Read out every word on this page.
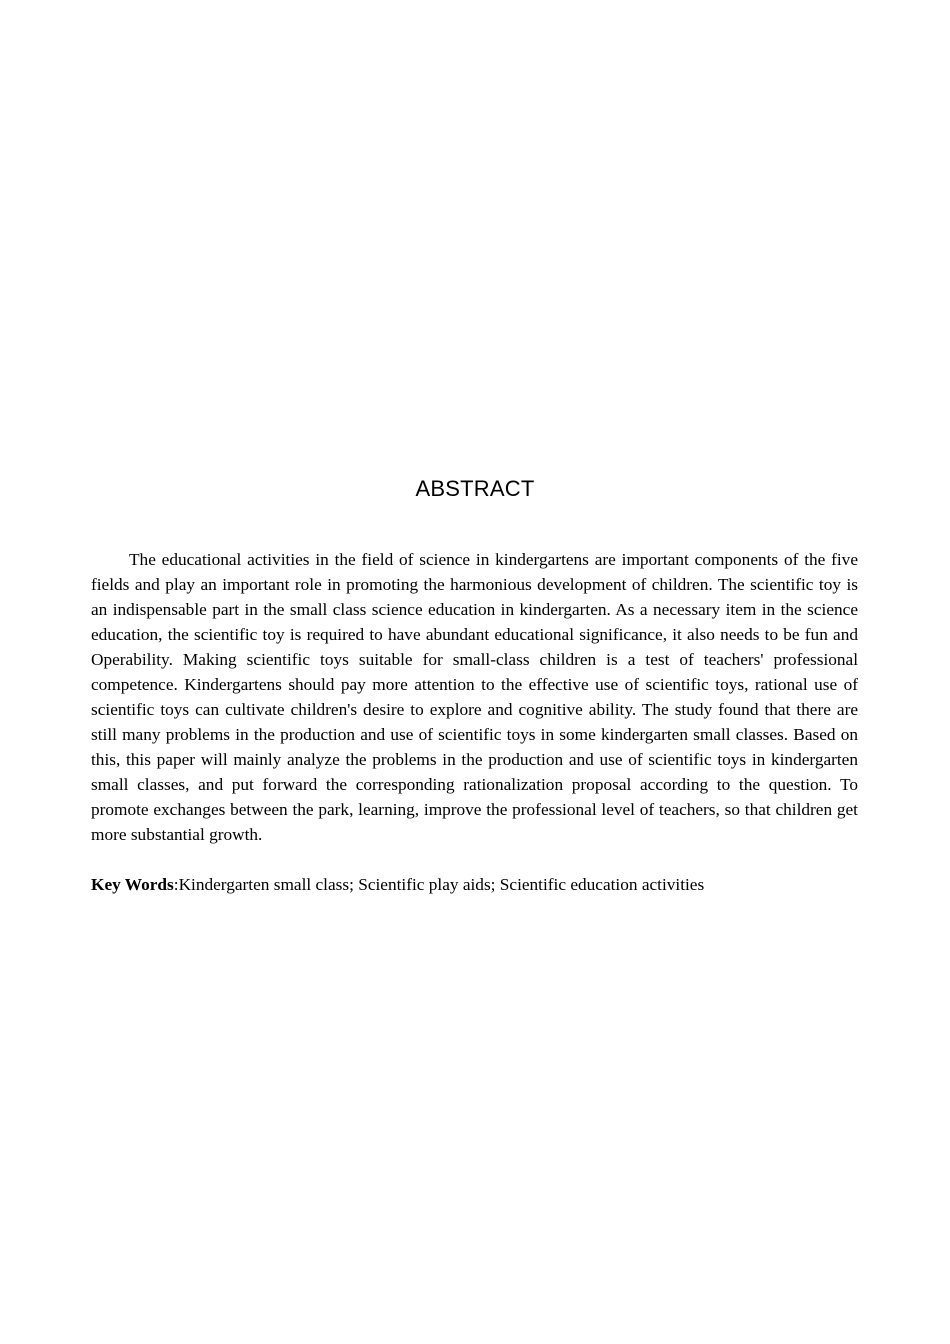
ABSTRACT

The educational activities in the field of science in kindergartens are important components of the five fields and play an important role in promoting the harmonious development of children. The scientific toy is an indispensable part in the small class science education in kindergarten. As a necessary item in the science education, the scientific toy is required to have abundant educational significance, it also needs to be fun and Operability. Making scientific toys suitable for small-class children is a test of teachers' professional competence. Kindergartens should pay more attention to the effective use of scientific toys, rational use of scientific toys can cultivate children's desire to explore and cognitive ability. The study found that there are still many problems in the production and use of scientific toys in some kindergarten small classes. Based on this, this paper will mainly analyze the problems in the production and use of scientific toys in kindergarten small classes, and put forward the corresponding rationalization proposal according to the question. To promote exchanges between the park, learning, improve the professional level of teachers, so that children get more substantial growth.

Key Words:Kindergarten small class; Scientific play aids; Scientific education activities
